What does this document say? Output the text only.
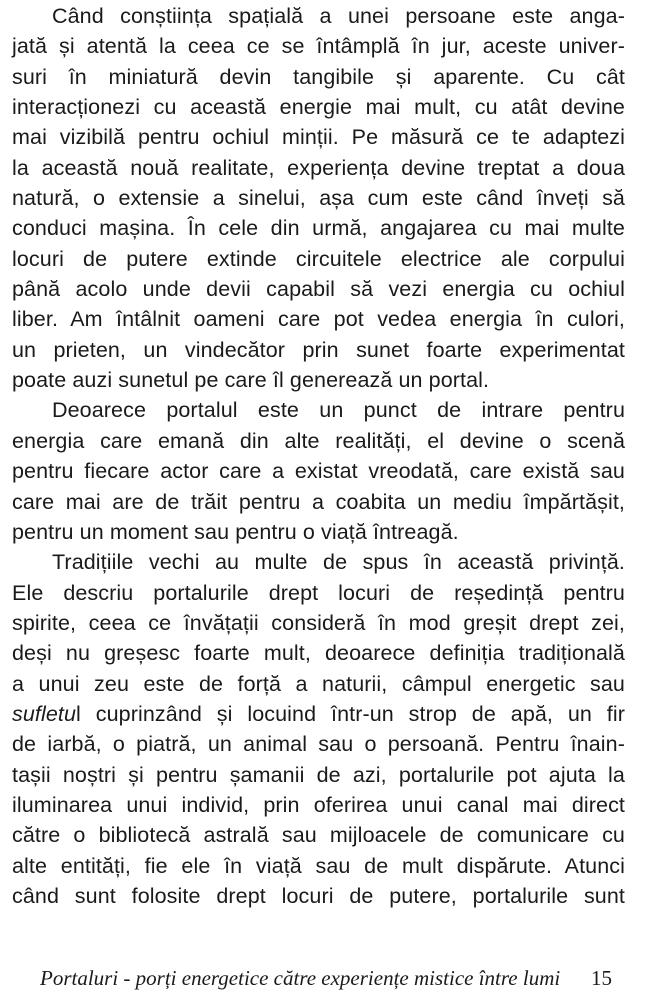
Când conștiința spațială a unei persoane este anga-
jată și atentă la ceea ce se întâmplă în jur, aceste univer-
suri în miniatură devin tangibile și aparente. Cu cât
interacționezi cu această energie mai mult, cu atât devine
mai vizibilă pentru ochiul minții. Pe măsură ce te adaptezi
la această nouă realitate, experiența devine treptat a doua
natură, o extensie a sinelui, așa cum este când înveți să
conduci mașina. În cele din urmă, angajarea cu mai multe
locuri de putere extinde circuitele electrice ale corpului
până acolo unde devii capabil să vezi energia cu ochiul
liber. Am întâlnit oameni care pot vedea energia în culori,
un prieten, un vindecător prin sunet foarte experimentat
poate auzi sunetul pe care îl generează un portal.
Deoarece portalul este un punct de intrare pentru
energia care emană din alte realități, el devine o scenă
pentru fiecare actor care a existat vreodată, care există sau
care mai are de trăit pentru a coabita un mediu împărtășit,
pentru un moment sau pentru o viață întreagă.
Tradițiile vechi au multe de spus în această privință.
Ele descriu portalurile drept locuri de reședință pentru
spirite, ceea ce învățații consideră în mod greșit drept zei,
deși nu greșesc foarte mult, deoarece definiția tradițională
a unui zeu este de forță a naturii, câmpul energetic sau
sufletul cuprinzând și locuind într-un strop de apă, un fir
de iarbă, o piatră, un animal sau o persoană. Pentru înain-
tașii noștri și pentru șamanii de azi, portalurile pot ajuta la
iluminarea unui individ, prin oferirea unui canal mai direct
către o bibliotecă astrală sau mijloacele de comunicare cu
alte entități, fie ele în viață sau de mult dispărute. Atunci
când sunt folosite drept locuri de putere, portalurile sunt
Portaluri - porți energetice către experiențe mistice între lumi 15
